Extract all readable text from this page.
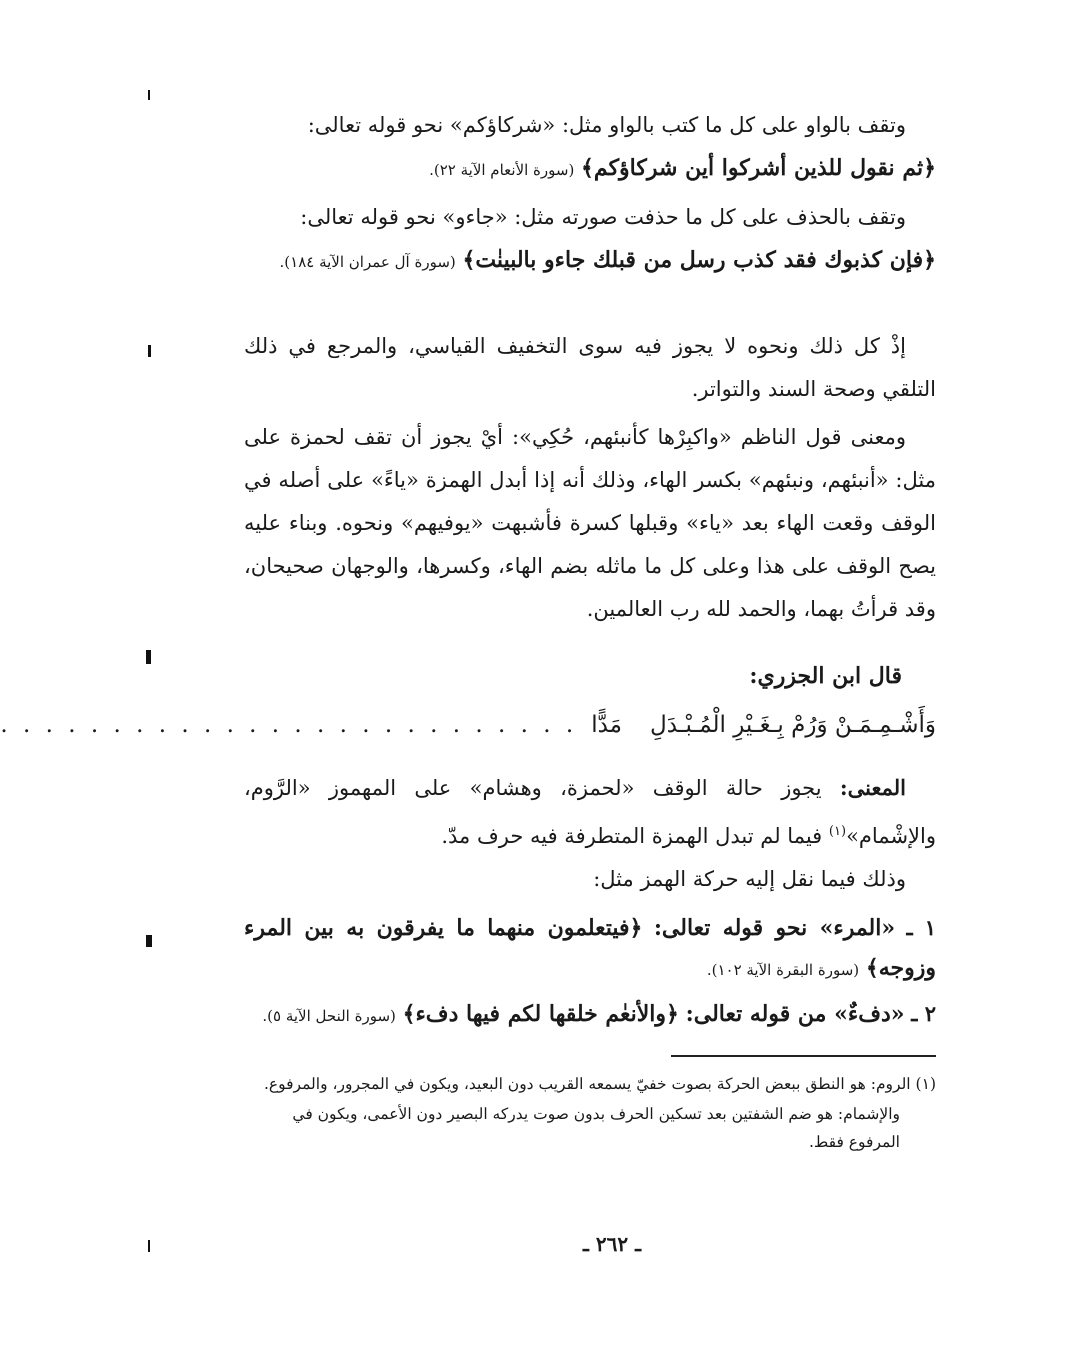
وتقف بالواو على كل ما كتب بالواو مثل: «شركاؤكم» نحو قوله تعالى:

﴿ثم نقول للذين أشركوا أين شركاؤكم﴾ (سورة الأنعام الآية ٢٢).

وتقف بالحذف على كل ما حذفت صورته مثل: «جاءو» نحو قوله تعالى:

﴿فإن كذبوك فقد كذب رسل من قبلك جاءو بالبينٰت﴾ (سورة آل عمران الآية ١٨٤).

إذْ كل ذلك ونحوه لا يجوز فيه سوى التخفيف القياسي، والمرجع في ذلك التلقي وصحة السند والتواتر.

ومعنى قول الناظم «واكبِرْها كأنبئهم، حُكِي»: أيْ يجوز أن تقف لحمزة على مثل: «أنبئهم، ونبئهم» بكسر الهاء، وذلك أنه إذا أبدل الهمزة «ياءً» على أصله في الوقف وقعت الهاء بعد «ياء» وقبلها كسرة فأشبهت «يوفيهم» ونحوه. وبناء عليه يصح الوقف على هذا وعلى كل ما ماثله بضم الهاء، وكسرها، والوجهان صحيحان، وقد قرأتُ بهما، والحمد لله رب العالمين.

قال ابن الجزري:

وَأَشْـمِـمَـنْ وَرُمْ بِـغَـيْرِ الْمُـبْـدَلِ
مَدًّا
. . . . . . . . . . . . . . . . . . . . . . . . . .

المعنى: يجوز حالة الوقف «لحمزة، وهشام» على المهموز «الرَّوم، والإشْمام»$^{(١)}$ فيما لم تبدل الهمزة المتطرفة فيه حرف مدّ.

وذلك فيما نقل إليه حركة الهمز مثل:

١ ـ «المرء» نحو قوله تعالى: ﴿فيتعلمون منهما ما يفرقون به بين المرء وزوجه﴾ (سورة البقرة الآية ١٠٢).

٢ ـ «دفءٌ» من قوله تعالى: ﴿والأنعٰم خلقها لكم فيها دفء﴾ (سورة النحل الآية ٥).

(١) الروم: هو النطق ببعض الحركة بصوت خفيّ يسمعه القريب دون البعيد، ويكون في المجرور، والمرفوع.

والإشمام: هو ضم الشفتين بعد تسكين الحرف بدون صوت يدركه البصير دون الأعمى، ويكون في المرفوع فقط.

ـ ٢٦٢ ـ
